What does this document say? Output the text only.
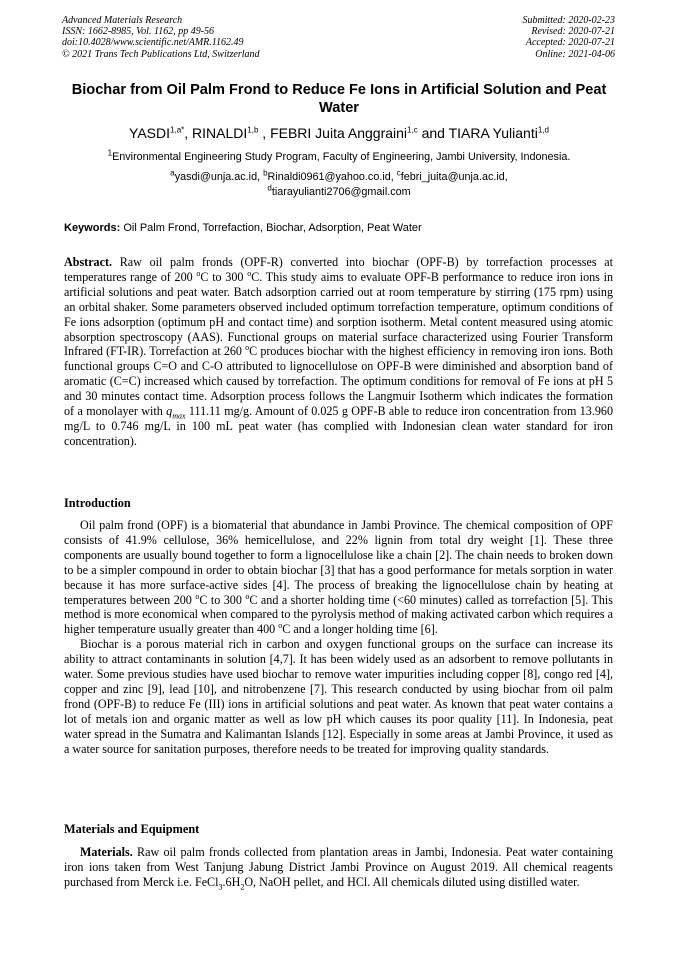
Advanced Materials Research
ISSN: 1662-8985, Vol. 1162, pp 49-56
doi:10.4028/www.scientific.net/AMR.1162.49
© 2021 Trans Tech Publications Ltd, Switzerland
Submitted: 2020-02-23
Revised: 2020-07-21
Accepted: 2020-07-21
Online: 2021-04-06
Biochar from Oil Palm Frond to Reduce Fe Ions in Artificial Solution and Peat Water
$YASDI^{1,a*}$, RINALDI$^{1,b}$ , FEBRI Juita Anggraini$^{1,c}$ and TIARA Yulianti$^{1,d}$
$^1$Environmental Engineering Study Program, Faculty of Engineering, Jambi University, Indonesia.
$^a$yasdi@unja.ac.id, $^b$Rinaldi0961@yahoo.co.id, $^c$febri_juita@unja.ac.id,
$^d$tiarayulianti2706@gmail.com
Keywords: Oil Palm Frond, Torrefaction, Biochar, Adsorption, Peat Water

Abstract. Raw oil palm fronds (OPF-R) converted into biochar (OPF-B) by torrefaction processes at temperatures range of 200 $^o$C to 300 $^o$C. This study aims to evaluate OPF-B performance to reduce iron ions in artificial solutions and peat water. Batch adsorption carried out at room temperature by stirring (175 rpm) using an orbital shaker. Some parameters observed included optimum torrefaction temperature, optimum conditions of Fe ions adsorption (optimum pH and contact time) and sorption isotherm. Metal content measured using atomic absorption spectroscopy (AAS). Functional groups on material surface characterized using Fourier Transform Infrared (FT-IR). Torrefaction at 260 $^o$C produces biochar with the highest efficiency in removing iron ions. Both functional groups C=O and C-O attributed to lignocellulose on OPF-B were diminished and absorption band of aromatic (C=C) increased which caused by torrefaction. The optimum conditions for removal of Fe ions at pH 5 and 30 minutes contact time. Adsorption process follows the Langmuir Isotherm which indicates the formation of a monolayer with $q_{max}$ 111.11 mg/g. Amount of 0.025 g OPF-B able to reduce iron concentration from 13.960 mg/L to 0.746 mg/L in 100 mL peat water (has complied with Indonesian clean water standard for iron concentration).

Introduction

Oil palm frond (OPF) is a biomaterial that abundance in Jambi Province. The chemical composition of OPF consists of 41.9% cellulose, 36% hemicellulose, and 22% lignin from total dry weight [1]. These three components are usually bound together to form a lignocellulose like a chain [2]. The chain needs to broken down to be a simpler compound in order to obtain biochar [3] that has a good performance for metals sorption in water because it has more surface-active sides [4]. The process of breaking the lignocellulose chain by heating at temperatures between 200 $^o$C to 300 $^o$C and a shorter holding time (<60 minutes) called as torrefaction [5]. This method is more economical when compared to the pyrolysis method of making activated carbon which requires a higher temperature usually greater than 400 $^o$C and a longer holding time [6].

Biochar is a porous material rich in carbon and oxygen functional groups on the surface can increase its ability to attract contaminants in solution [4,7]. It has been widely used as an adsorbent to remove pollutants in water. Some previous studies have used biochar to remove water impurities including copper [8], congo red [4], copper and zinc [9], lead [10], and nitrobenzene [7]. This research conducted by using biochar from oil palm frond (OPF-B) to reduce Fe (III) ions in artificial solutions and peat water. As known that peat water contains a lot of metals ion and organic matter as well as low pH which causes its poor quality [11]. In Indonesia, peat water spread in the Sumatra and Kalimantan Islands [12]. Especially in some areas at Jambi Province, it used as a water source for sanitation purposes, therefore needs to be treated for improving quality standards.

Materials and Equipment

Materials. Raw oil palm fronds collected from plantation areas in Jambi, Indonesia. Peat water containing iron ions taken from West Tanjung Jabung District Jambi Province on August 2019. All chemical reagents purchased from Merck i.e. $FeCl_3.6H_2O$, NaOH pellet, and HCl. All chemicals diluted using distilled water.
